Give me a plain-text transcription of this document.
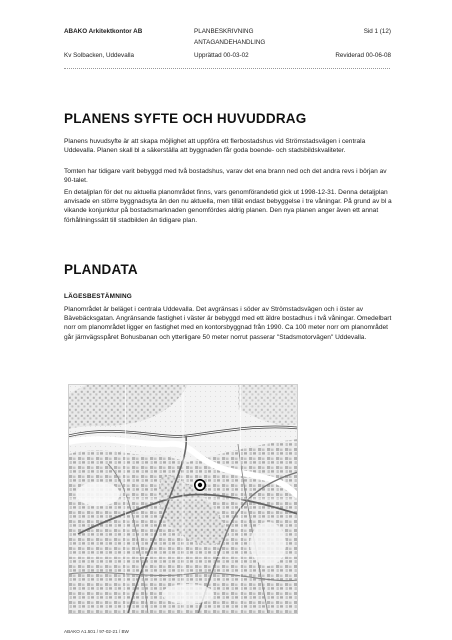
ABAKO Arkitektkontor AB	PLANBESKRIVNING	Sid 1 (12)
ANTAGANDEHANDLING
Kv Solbacken, Uddevalla	Upprättad 00-03-02	Reviderad 00-06-08
PLANENS SYFTE OCH HUVUDDRAG
Planens huvudsyfte är att skapa möjlighet att uppföra ett flerbostadshus vid Strömstadsvägen i centrala Uddevalla. Planen skall bl a säkerställa att byggnaden får goda boende- och stadsbildskvaliteter.
Tomten har tidigare varit bebyggd med två bostadshus, varav det ena brann ned och det andra revs i början av 90-talet.
En detaljplan för det nu aktuella planområdet finns, vars genomförandetid gick ut 1998-12-31. Denna detaljplan anvisade en större byggnadsyta än den nu aktuella, men tillät endast bebyggelse i tre våningar. På grund av bl a vikande konjunktur på bostadsmarknaden genomfördes aldrig planen. Den nya planen anger även ett annat förhållningssätt till stadbilden än tidigare plan.
PLANDATA
LÄGESBESTÄMNING
Planområdet är beläget i centrala Uddevalla. Det avgränsas i söder av Strömstadsvägen och i öster av Bävebäcksgatan. Angränsande fastighet i väster är bebyggd med ett äldre bostadhus i två våningar. Omedelbart norr om planområdet ligger en fastighet med en kontorsbyggnad från 1990. Ca 100 meter norr om planområdet går järnvägsspåret Bohusbanan och ytterligare 50 meter norrut passerar "Stadsmotorvägen" Uddevalla.
ABAKO A1.501 / 97-02-21 / BW
